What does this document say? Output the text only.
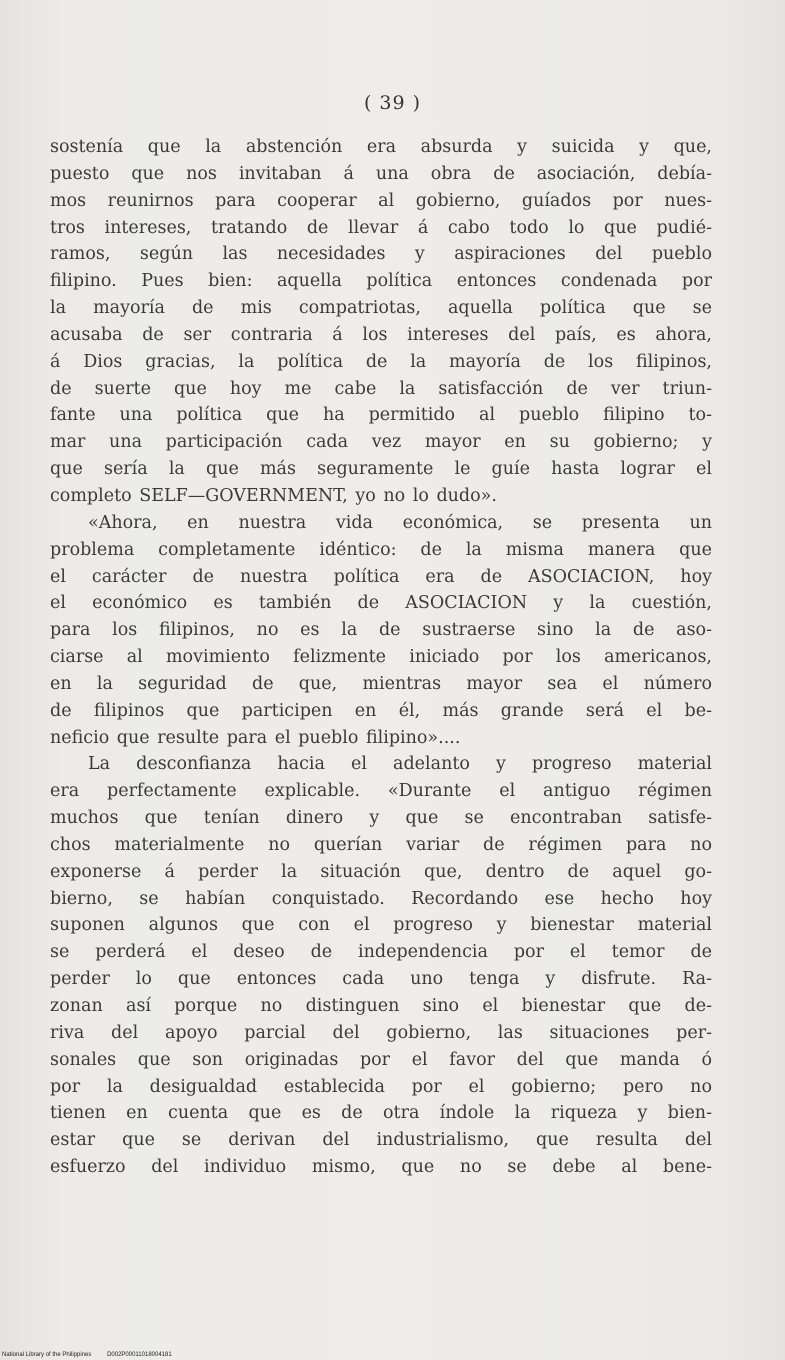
( 39 )
sostenía que la abstención era absurda y suicida y que,
puesto que nos invitaban á una obra de asociación, debía-
mos reunirnos para cooperar al gobierno, guíados por nues-
tros intereses, tratando de llevar á cabo todo lo que pudié-
ramos, según las necesidades y aspiraciones del pueblo
filipino. Pues bien: aquella política entonces condenada por
la mayoría de mis compatriotas, aquella política que se
acusaba de ser contraria á los intereses del país, es ahora,
á Dios gracias, la política de la mayoría de los filipinos,
de suerte que hoy me cabe la satisfacción de ver triun-
fante una política que ha permitido al pueblo filipino to-
mar una participación cada vez mayor en su gobierno; y
que sería la que más seguramente le guíe hasta lograr el
completo SELF—GOVERNMENT, yo no lo dudo».
«Ahora, en nuestra vida económica, se presenta un
problema completamente idéntico: de la misma manera que
el carácter de nuestra política era de ASOCIACION, hoy
el económico es también de ASOCIACION y la cuestión,
para los filipinos, no es la de sustraerse sino la de aso-
ciarse al movimiento felizmente iniciado por los americanos,
en la seguridad de que, mientras mayor sea el número
de filipinos que participen en él, más grande será el be-
neficio que resulte para el pueblo filipino»....
La desconfianza hacia el adelanto y progreso material
era perfectamente explicable. «Durante el antiguo régimen
muchos que tenían dinero y que se encontraban satisfe-
chos materialmente no querían variar de régimen para no
exponerse á perder la situación que, dentro de aquel go-
bierno, se habían conquistado. Recordando ese hecho hoy
suponen algunos que con el progreso y bienestar material
se perderá el deseo de independencia por el temor de
perder lo que entonces cada uno tenga y disfrute. Ra-
zonan así porque no distinguen sino el bienestar que de-
riva del apoyo parcial del gobierno, las situaciones per-
sonales que son originadas por el favor del que manda ó
por la desigualdad establecida por el gobierno; pero no
tienen en cuenta que es de otra índole la riqueza y bien-
estar que se derivan del industrialismo, que resulta del
esfuerzo del individuo mismo, que no se debe al bene-
National Library of the Philippines	D002P00011018004181
